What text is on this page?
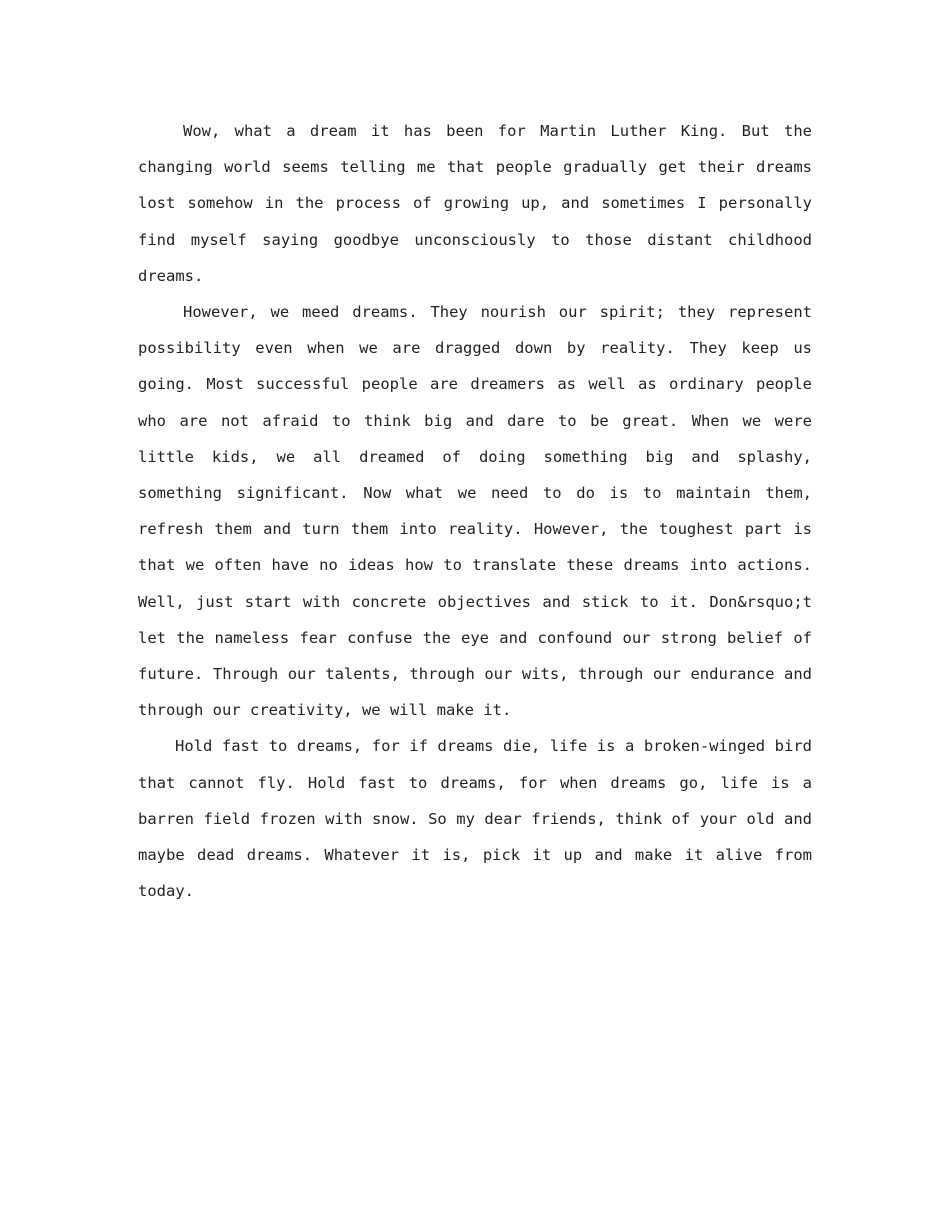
Wow, what a dream it has been for Martin Luther King. But the changing world seems telling me that people gradually get their dreams lost somehow in the process of growing up, and sometimes I personally find myself saying goodbye unconsciously to those distant childhood dreams.

However, we meed dreams. They nourish our spirit; they represent possibility even when we are dragged down by reality. They keep us going. Most successful people are dreamers as well as ordinary people who are not afraid to think big and dare to be great. When we were little kids, we all dreamed of doing something big and splashy, something significant. Now what we need to do is to maintain them, refresh them and turn them into reality. However, the toughest part is that we often have no ideas how to translate these dreams into actions. Well, just start with concrete objectives and stick to it. Don&rsquo;t let the nameless fear confuse the eye and confound our strong belief of future. Through our talents, through our wits, through our endurance and through our creativity, we will make it.

Hold fast to dreams, for if dreams die, life is a broken-winged bird that cannot fly. Hold fast to dreams, for when dreams go, life is a barren field frozen with snow. So my dear friends, think of your old and maybe dead dreams. Whatever it is, pick it up and make it alive from today.
